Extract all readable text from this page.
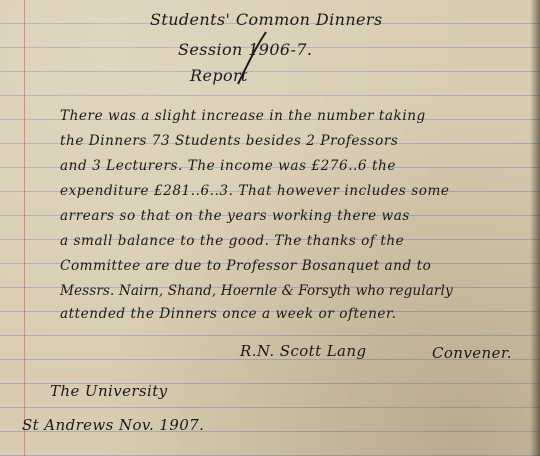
Students' Common Dinners
Session 1906-7.
Report
There was a slight increase in the number taking
the Dinners 73 Students besides 2 Professors
and 3 Lecturers. The income was £276..6 the
expenditure £281..6..3. That however includes some
arrears so that on the years working there was
a small balance to the good. The thanks of the
Committee are due to Professor Bosanquet and to
Messrs. Nairn, Shand, Hoernle & Forsyth who regularly
attended the Dinners once a week or oftener.
R.N. Scott Lang	Convener.
The University
St Andrews Nov. 1907.
